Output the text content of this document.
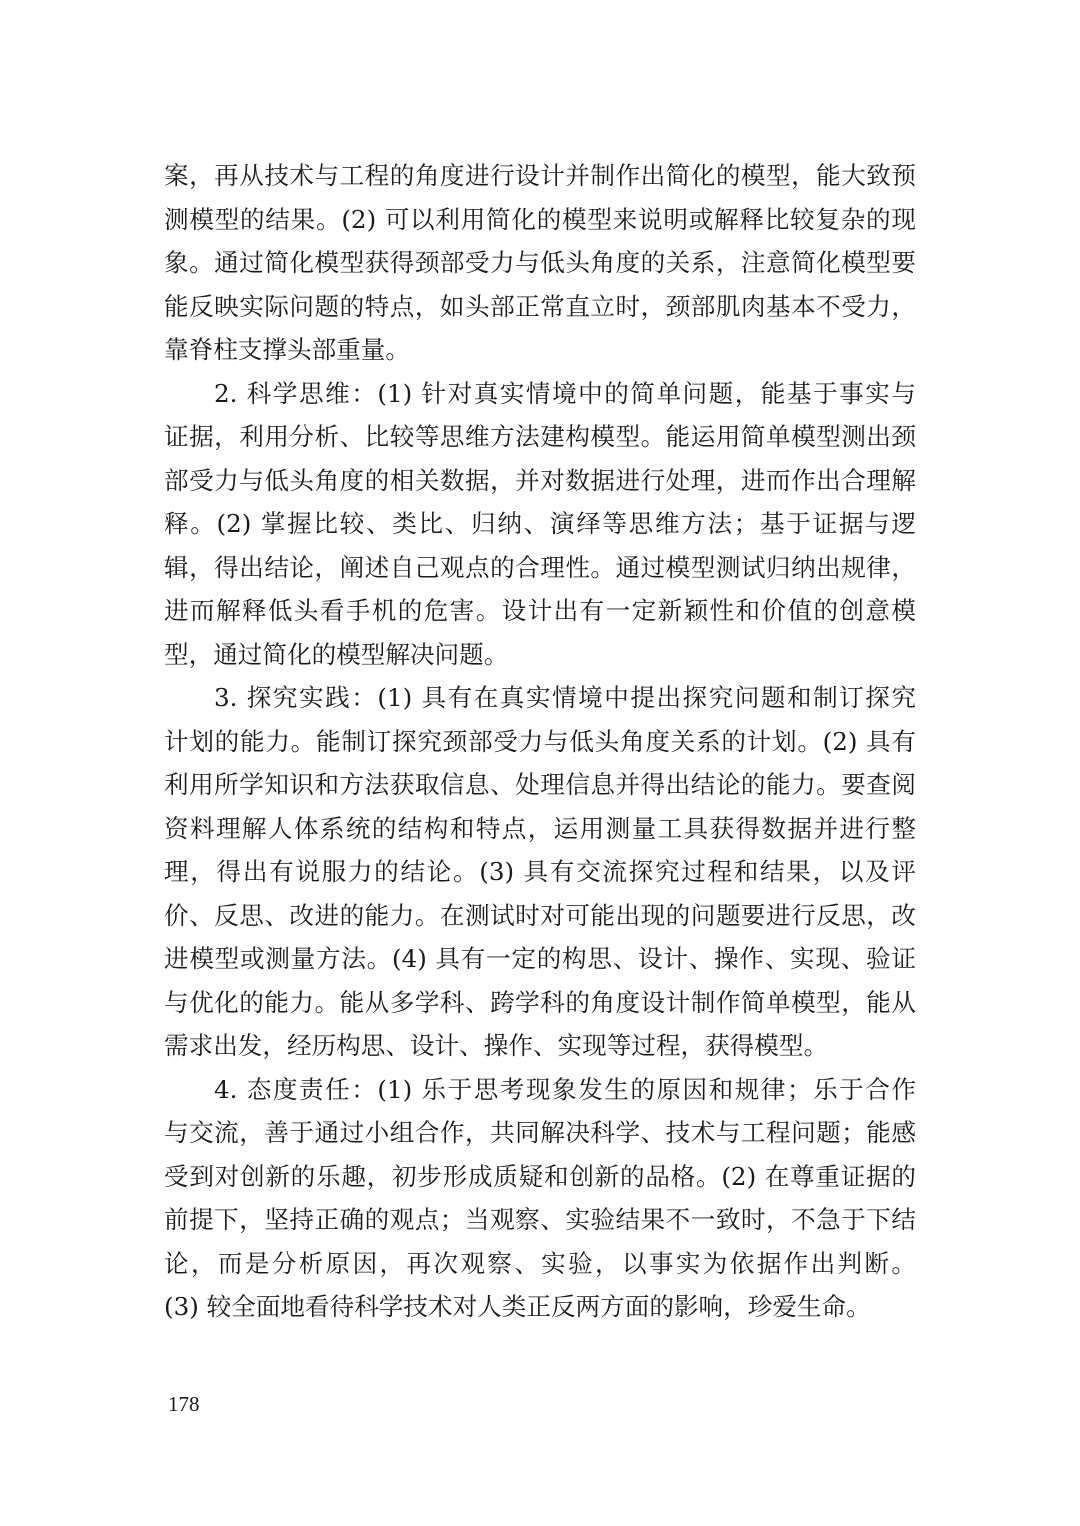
案，再从技术与工程的角度进行设计并制作出简化的模型，能大致预
测模型的结果。(2) 可以利用简化的模型来说明或解释比较复杂的现
象。通过简化模型获得颈部受力与低头角度的关系，注意简化模型要
能反映实际问题的特点，如头部正常直立时，颈部肌肉基本不受力，
靠脊柱支撑头部重量。
2. 科学思维：(1) 针对真实情境中的简单问题，能基于事实与
证据，利用分析、比较等思维方法建构模型。能运用简单模型测出颈
部受力与低头角度的相关数据，并对数据进行处理，进而作出合理解
释。(2) 掌握比较、类比、归纳、演绎等思维方法；基于证据与逻
辑，得出结论，阐述自己观点的合理性。通过模型测试归纳出规律，
进而解释低头看手机的危害。设计出有一定新颖性和价值的创意模
型，通过简化的模型解决问题。
3. 探究实践：(1) 具有在真实情境中提出探究问题和制订探究
计划的能力。能制订探究颈部受力与低头角度关系的计划。(2) 具有
利用所学知识和方法获取信息、处理信息并得出结论的能力。要查阅
资料理解人体系统的结构和特点，运用测量工具获得数据并进行整
理，得出有说服力的结论。(3) 具有交流探究过程和结果，以及评
价、反思、改进的能力。在测试时对可能出现的问题要进行反思，改
进模型或测量方法。(4) 具有一定的构思、设计、操作、实现、验证
与优化的能力。能从多学科、跨学科的角度设计制作简单模型，能从
需求出发，经历构思、设计、操作、实现等过程，获得模型。
4. 态度责任：(1) 乐于思考现象发生的原因和规律；乐于合作
与交流，善于通过小组合作，共同解决科学、技术与工程问题；能感
受到对创新的乐趣，初步形成质疑和创新的品格。(2) 在尊重证据的
前提下，坚持正确的观点；当观察、实验结果不一致时，不急于下结
论，而是分析原因，再次观察、实验，以事实为依据作出判断。
(3) 较全面地看待科学技术对人类正反两方面的影响，珍爱生命。
178
